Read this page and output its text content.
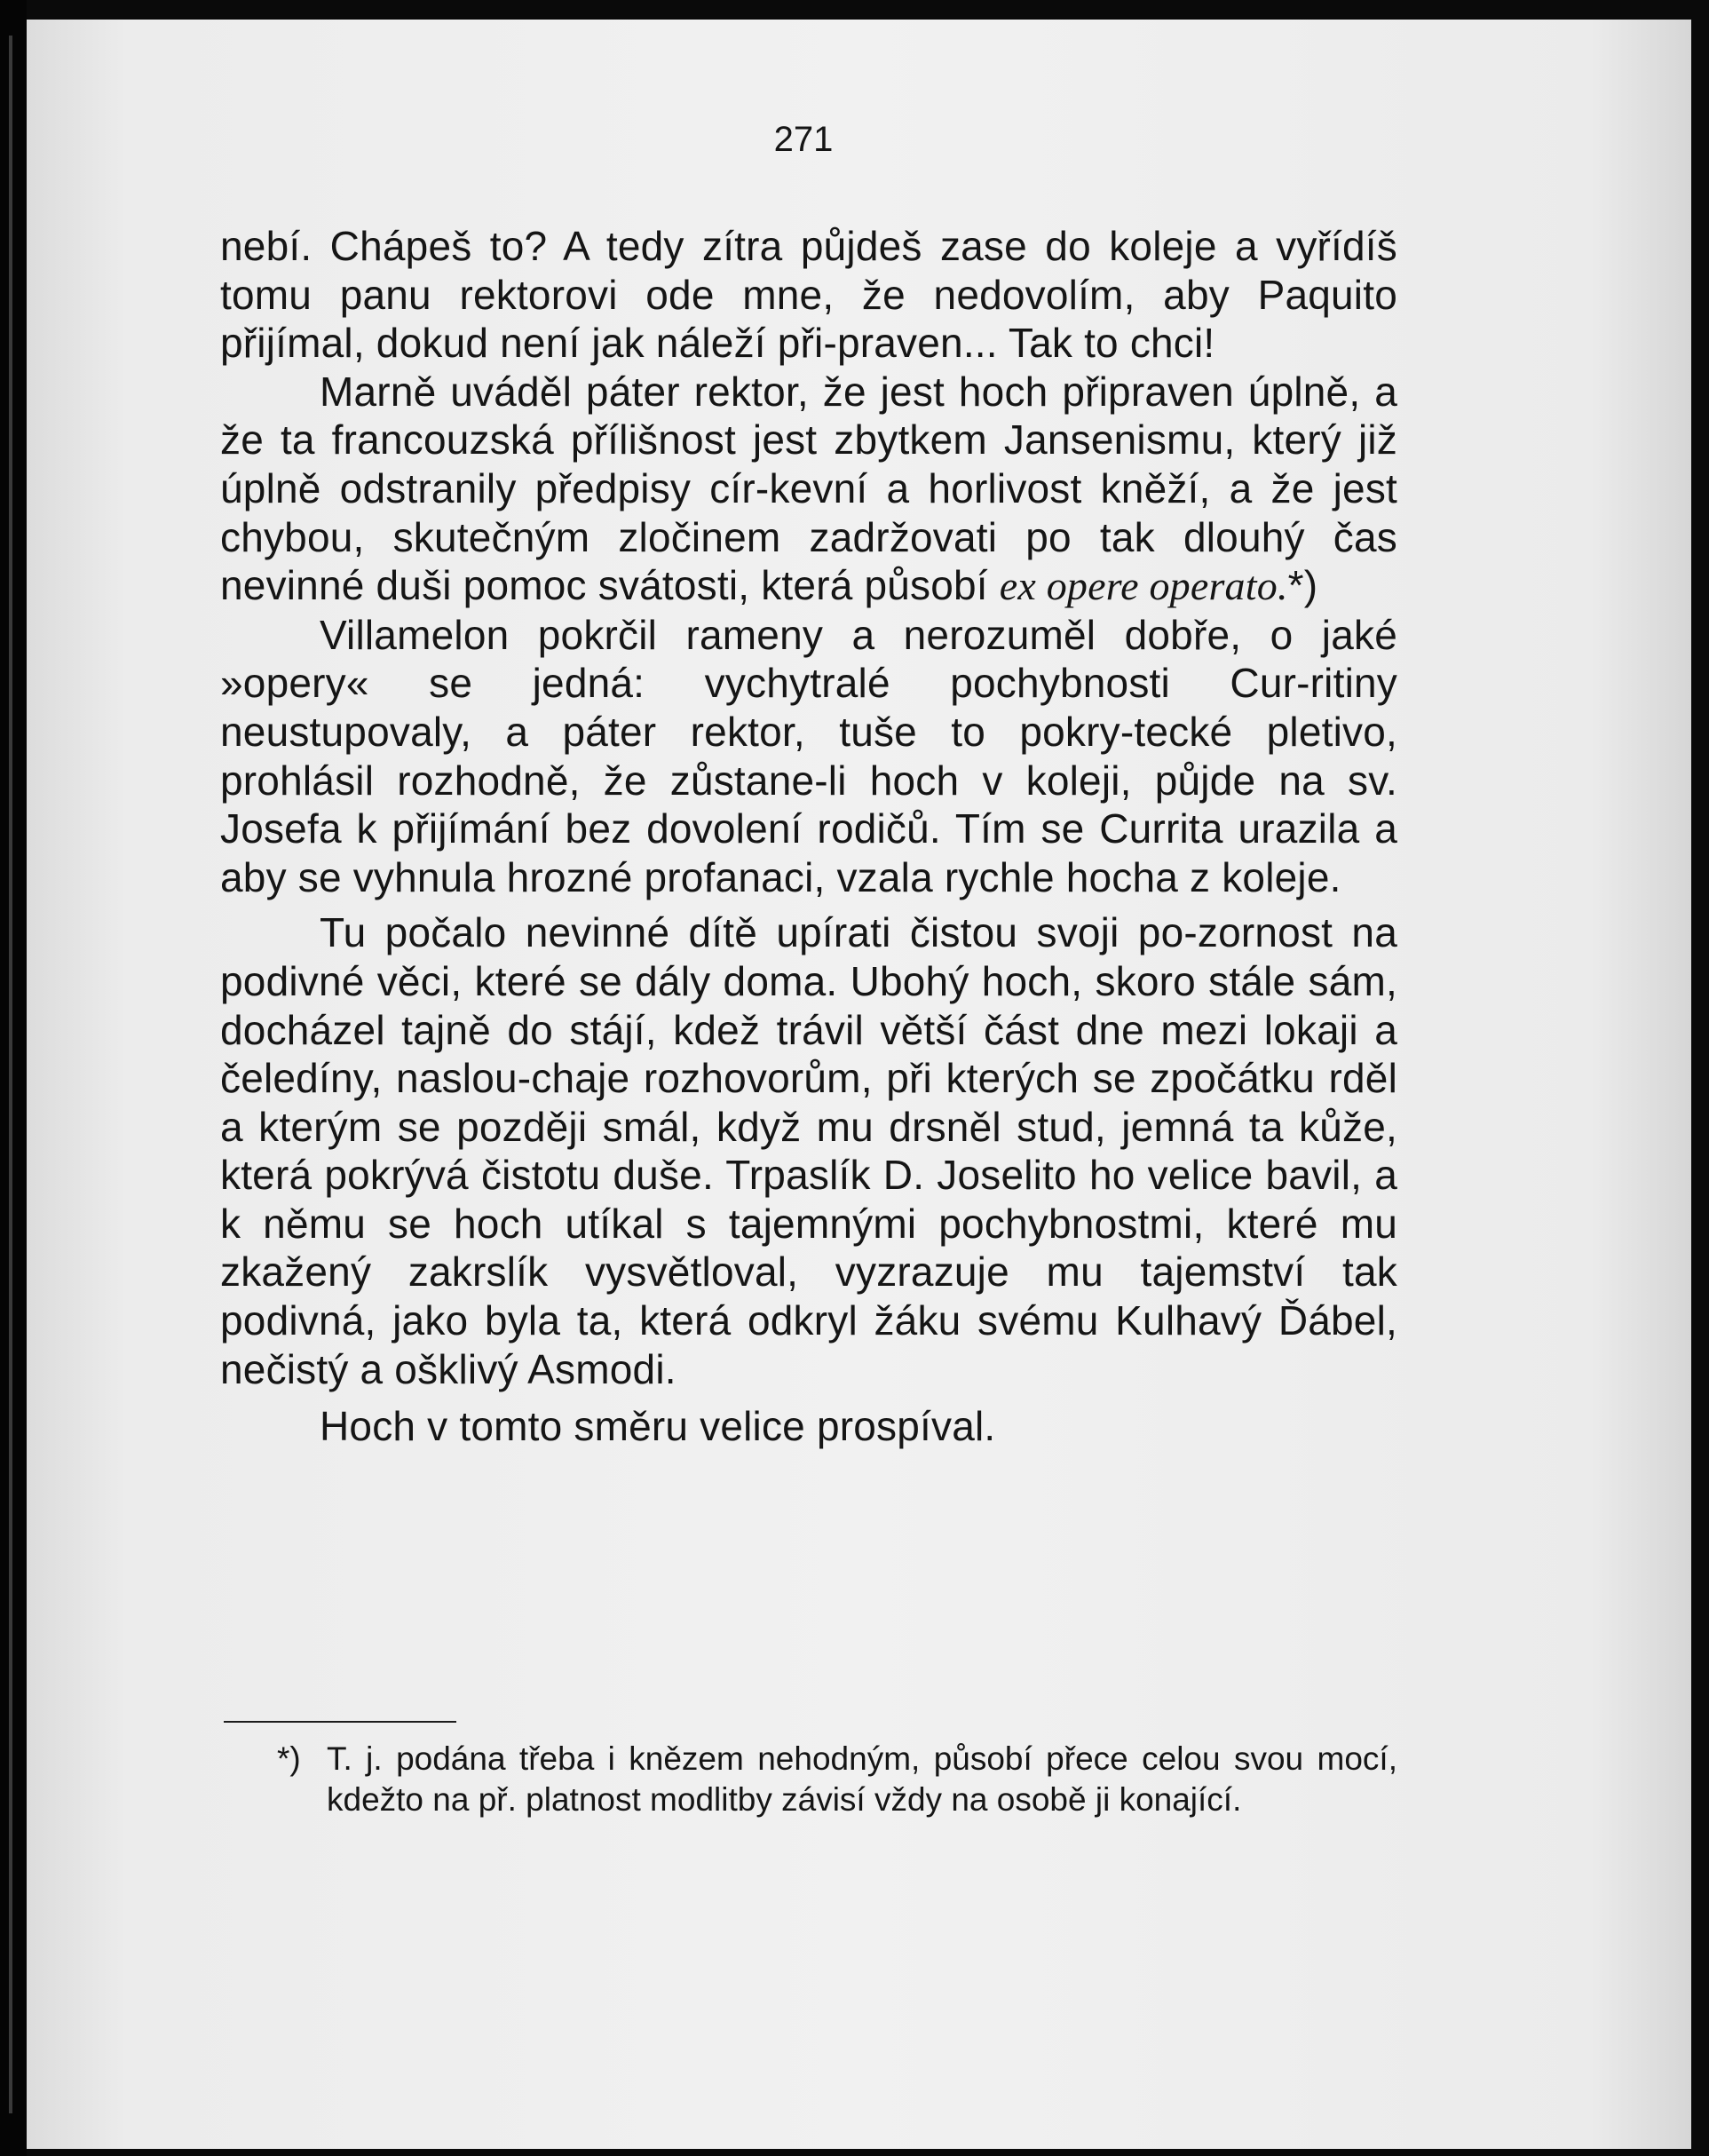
271

nebí. Chápeš to? A tedy zítra půjdeš zase do koleje a vyřídíš tomu panu rektorovi ode mne, že nedovolím, aby Paquito přijímal, dokud není jak náleží při-praven... Tak to chci!

Marně uváděl páter rektor, že jest hoch připraven úplně, a že ta francouzská přílišnost jest zbytkem Jansenismu, který již úplně odstranily předpisy cír-kevní a horlivost kněží, a že jest chybou, skutečným zločinem zadržovati po tak dlouhý čas nevinné duši pomoc svátosti, která působí ex opere operato.*)

Villamelon pokrčil rameny a nerozuměl dobře, o jaké »opery« se jedná: vychytralé pochybnosti Cur-ritiny neustupovaly, a páter rektor, tuše to pokry-tecké pletivo, prohlásil rozhodně, že zůstane-li hoch v koleji, půjde na sv. Josefa k přijímání bez dovolení rodičů. Tím se Currita urazila a aby se vyhnula hrozné profanaci, vzala rychle hocha z koleje.

Tu počalo nevinné dítě upírati čistou svoji po-zornost na podivné věci, které se dály doma. Ubohý hoch, skoro stále sám, docházel tajně do stájí, kdež trávil větší část dne mezi lokaji a čeledíny, naslou-chaje rozhovorům, při kterých se zpočátku rděl a kterým se později smál, když mu drsněl stud, jemná ta kůže, která pokrývá čistotu duše. Trpaslík D. Joselito ho velice bavil, a k němu se hoch utíkal s tajemnými pochybnostmi, které mu zkažený zakrslík vysvětloval, vyzrazuje mu tajemství tak podivná, jako byla ta, která odkryl žáku svému Kulhavý Ďábel, nečistý a ošklivý Asmodi.

Hoch v tomto směru velice prospíval.

*) T. j. podána třeba i knězem nehodným, působí přece celou svou mocí, kdežto na př. platnost modlitby závisí vždy na osobě ji konající.
